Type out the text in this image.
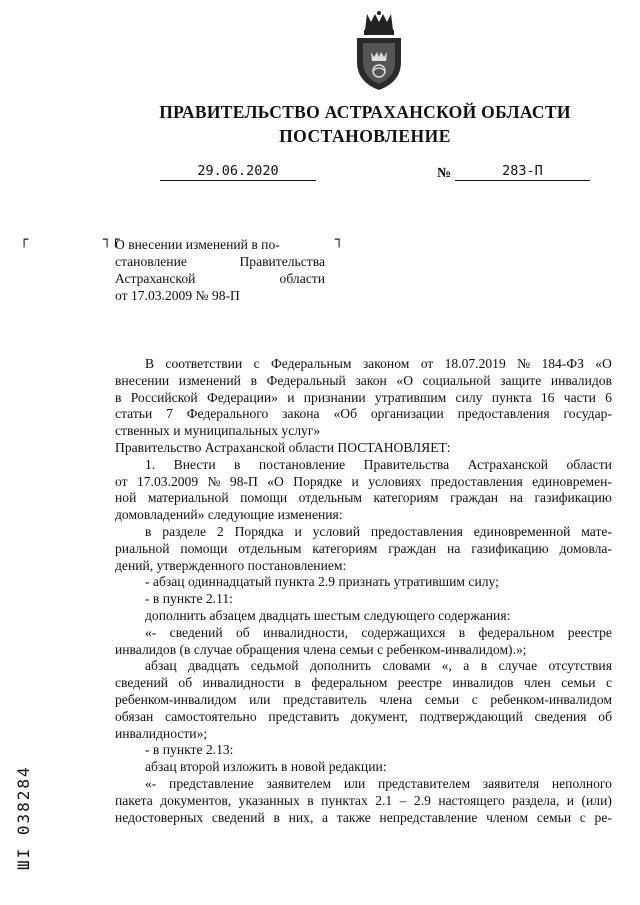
ПРАВИТЕЛЬСТВО АСТРАХАНСКОЙ ОБЛАСТИ
ПОСТАНОВЛЕНИЕ
29.06.2020	№	283-П
┌	┐┌	┐
О внесении изменений в по-
становление	Правительства
Астраханской	области
от 17.03.2009 № 98-П
В соответствии с Федеральным законом от 18.07.2019 № 184-ФЗ «О
внесении изменений в Федеральный закон «О социальной защите инвалидов
в Российской Федерации» и признании утратившим силу пункта 16 части 6
статьи 7 Федерального закона «Об организации предоставления государ-
ственных и муниципальных услуг»
Правительство Астраханской области ПОСТАНОВЛЯЕТ:
1. Внести в постановление Правительства Астраханской области
от 17.03.2009 № 98-П «О Порядке и условиях предоставления единовремен-
ной материальной помощи отдельным категориям граждан на газификацию
домовладений» следующие изменения:
в разделе 2 Порядка и условий предоставления единовременной мате-
риальной помощи отдельным категориям граждан на газификацию домовла-
дений, утвержденного постановлением:
- абзац одиннадцатый пункта 2.9 признать утратившим силу;
- в пункте 2.11:
дополнить абзацем двадцать шестым следующего содержания:
«- сведений об инвалидности, содержащихся в федеральном реестре
инвалидов (в случае обращения члена семьи с ребенком-инвалидом).»;
абзац двадцать седьмой дополнить словами «, а в случае отсутствия
сведений об инвалидности в федеральном реестре инвалидов член семьи с
ребенком-инвалидом или представитель члена семьи с ребенком-инвалидом
обязан самостоятельно представить документ, подтверждающий сведения об
инвалидности»;
- в пункте 2.13:
абзац второй изложить в новой редакции:
«- представление заявителем или представителем заявителя неполного
пакета документов, указанных в пунктах 2.1 – 2.9 настоящего раздела, и (или)
недостоверных сведений в них, а также непредставление членом семьи с ре-
ШI 038284
